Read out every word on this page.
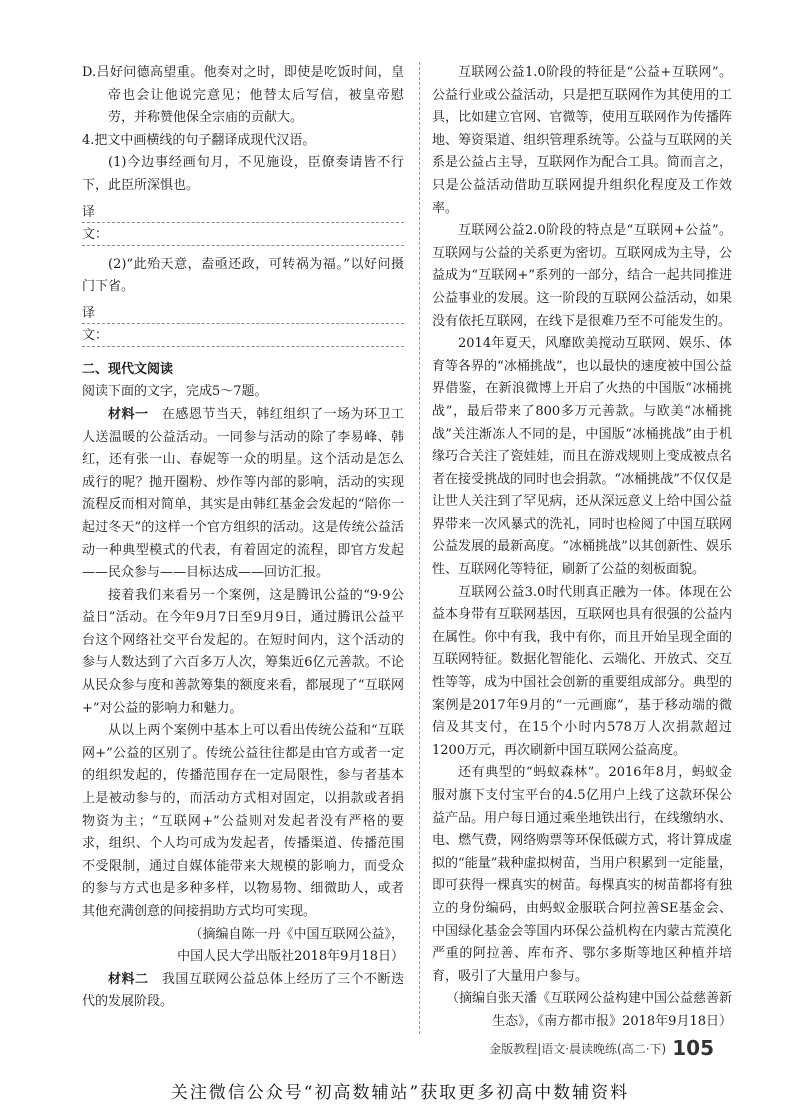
D.吕好问德高望重。他奏对之时，即使是吃饭时间，皇帝也会让他说完意见；他替太后写信，被皇帝慰劳，并称赞他保全宗庙的贡献大。

4.把文中画横线的句子翻译成现代汉语。

(1)今边事经画旬月，不见施设，臣僚奏请皆不行下，此臣所深惧也。

译文：

(2)“此殆天意，盍亟还政，可转祸为福。”以好问摄门下省。

译文：

二、现代文阅读

阅读下面的文字，完成5～7题。

材料一　 在感恩节当天，韩红组织了一场为环卫工人送温暖的公益活动。一同参与活动的除了李易峰、韩红，还有张一山、春妮等一众的明星。这个活动是怎么成行的呢？抛开圈粉、炒作等内部的影响，活动的实现流程反而相对简单，其实是由韩红基金会发起的“陪你一起过冬天”的这样一个官方组织的活动。这是传统公益活动一种典型模式的代表，有着固定的流程，即官方发起——民众参与——目标达成——回访汇报。

接着我们来看另一个案例，这是腾讯公益的“9·9公益日”活动。在今年9月7日至9月9日，通过腾讯公益平台这个网络社交平台发起的。在短时间内，这个活动的参与人数达到了六百多万人次，筹集近6亿元善款。不论从民众参与度和善款筹集的额度来看，都展现了“互联网+”对公益的影响力和魅力。

从以上两个案例中基本上可以看出传统公益和“互联网+”公益的区别了。传统公益往往都是由官方或者一定的组织发起的，传播范围存在一定局限性，参与者基本上是被动参与的，而活动方式相对固定，以捐款或者捐物资为主；“互联网+”公益则对发起者没有严格的要求，组织、个人均可成为发起者，传播渠道、传播范围不受限制，通过自媒体能带来大规模的影响力，而受众的参与方式也是多种多样，以物易物、细微助人，或者其他充满创意的间接捐助方式均可实现。

（摘编自陈一丹《中国互联网公益》，

中国人民大学出版社2018年9月18日）

材料二　 我国互联网公益总体上经历了三个不断迭代的发展阶段。

互联网公益1.0阶段的特征是“公益+互联网”。公益行业或公益活动，只是把互联网作为其使用的工具，比如建立官网、官微等，使用互联网作为传播阵地、筹资渠道、组织管理系统等。公益与互联网的关系是公益占主导，互联网作为配合工具。简而言之，只是公益活动借助互联网提升组织化程度及工作效率。

互联网公益2.0阶段的特点是“互联网+公益”。互联网与公益的关系更为密切。互联网成为主导，公益成为“互联网+”系列的一部分，结合一起共同推进公益事业的发展。这一阶段的互联网公益活动，如果没有依托互联网，在线下是很难乃至不可能发生的。

2014年夏天，风靡欧美搅动互联网、娱乐、体育等各界的“冰桶挑战”，也以最快的速度被中国公益界借鉴，在新浪微博上开启了火热的中国版“冰桶挑战”，最后带来了800多万元善款。与欧美“冰桶挑战”关注渐冻人不同的是，中国版“冰桶挑战”由于机缘巧合关注了瓷娃娃，而且在游戏规则上变成被点名者在接受挑战的同时也会捐款。“冰桶挑战”不仅仅是让世人关注到了罕见病，还从深远意义上给中国公益界带来一次风暴式的洗礼，同时也检阅了中国互联网公益发展的最新高度。“冰桶挑战”以其创新性、娱乐性、互联网化等特征，刷新了公益的刻板面貌。

互联网公益3.0时代則真正融为一体。体现在公益本身带有互联网基因，互联网也具有很强的公益内在属性。你中有我，我中有你，而且开始呈现全面的互联网特征。数据化智能化、云端化、开放式、交互性等等，成为中国社会创新的重要组成部分。典型的案例是2017年9月的“一元画廊”，基于移动端的微信及其支付，在15个小时内578万人次捐款超过1200万元，再次刷新中国互联网公益高度。

还有典型的“蚂蚁森林”。2016年8月，蚂蚁金服对旗下支付宝平台的4.5亿用户上线了这款环保公益产品。用户每日通过乘坐地铁出行，在线缴纳水、电、燃气费，网络购票等环保低碳方式，将计算成虚拟的“能量”栽种虚拟树苗，当用户积累到一定能量，即可获得一棵真实的树苗。每棵真实的树苗都将有独立的身份编码，由蚂蚁金服联合阿拉善SE基金会、中国绿化基金会等国内环保公益机构在内蒙古荒漠化严重的阿拉善、库布齐、鄂尔多斯等地区种植并培育，吸引了大量用户参与。

（摘编自张天潘《互联网公益构建中国公益慈善新

生态》，《南方都市报》2018年9月18日）

金版教程|语文·晨读晚练(高二·下) 105
关注微信公众号“初高数辅站”获取更多初高中数辅资料
